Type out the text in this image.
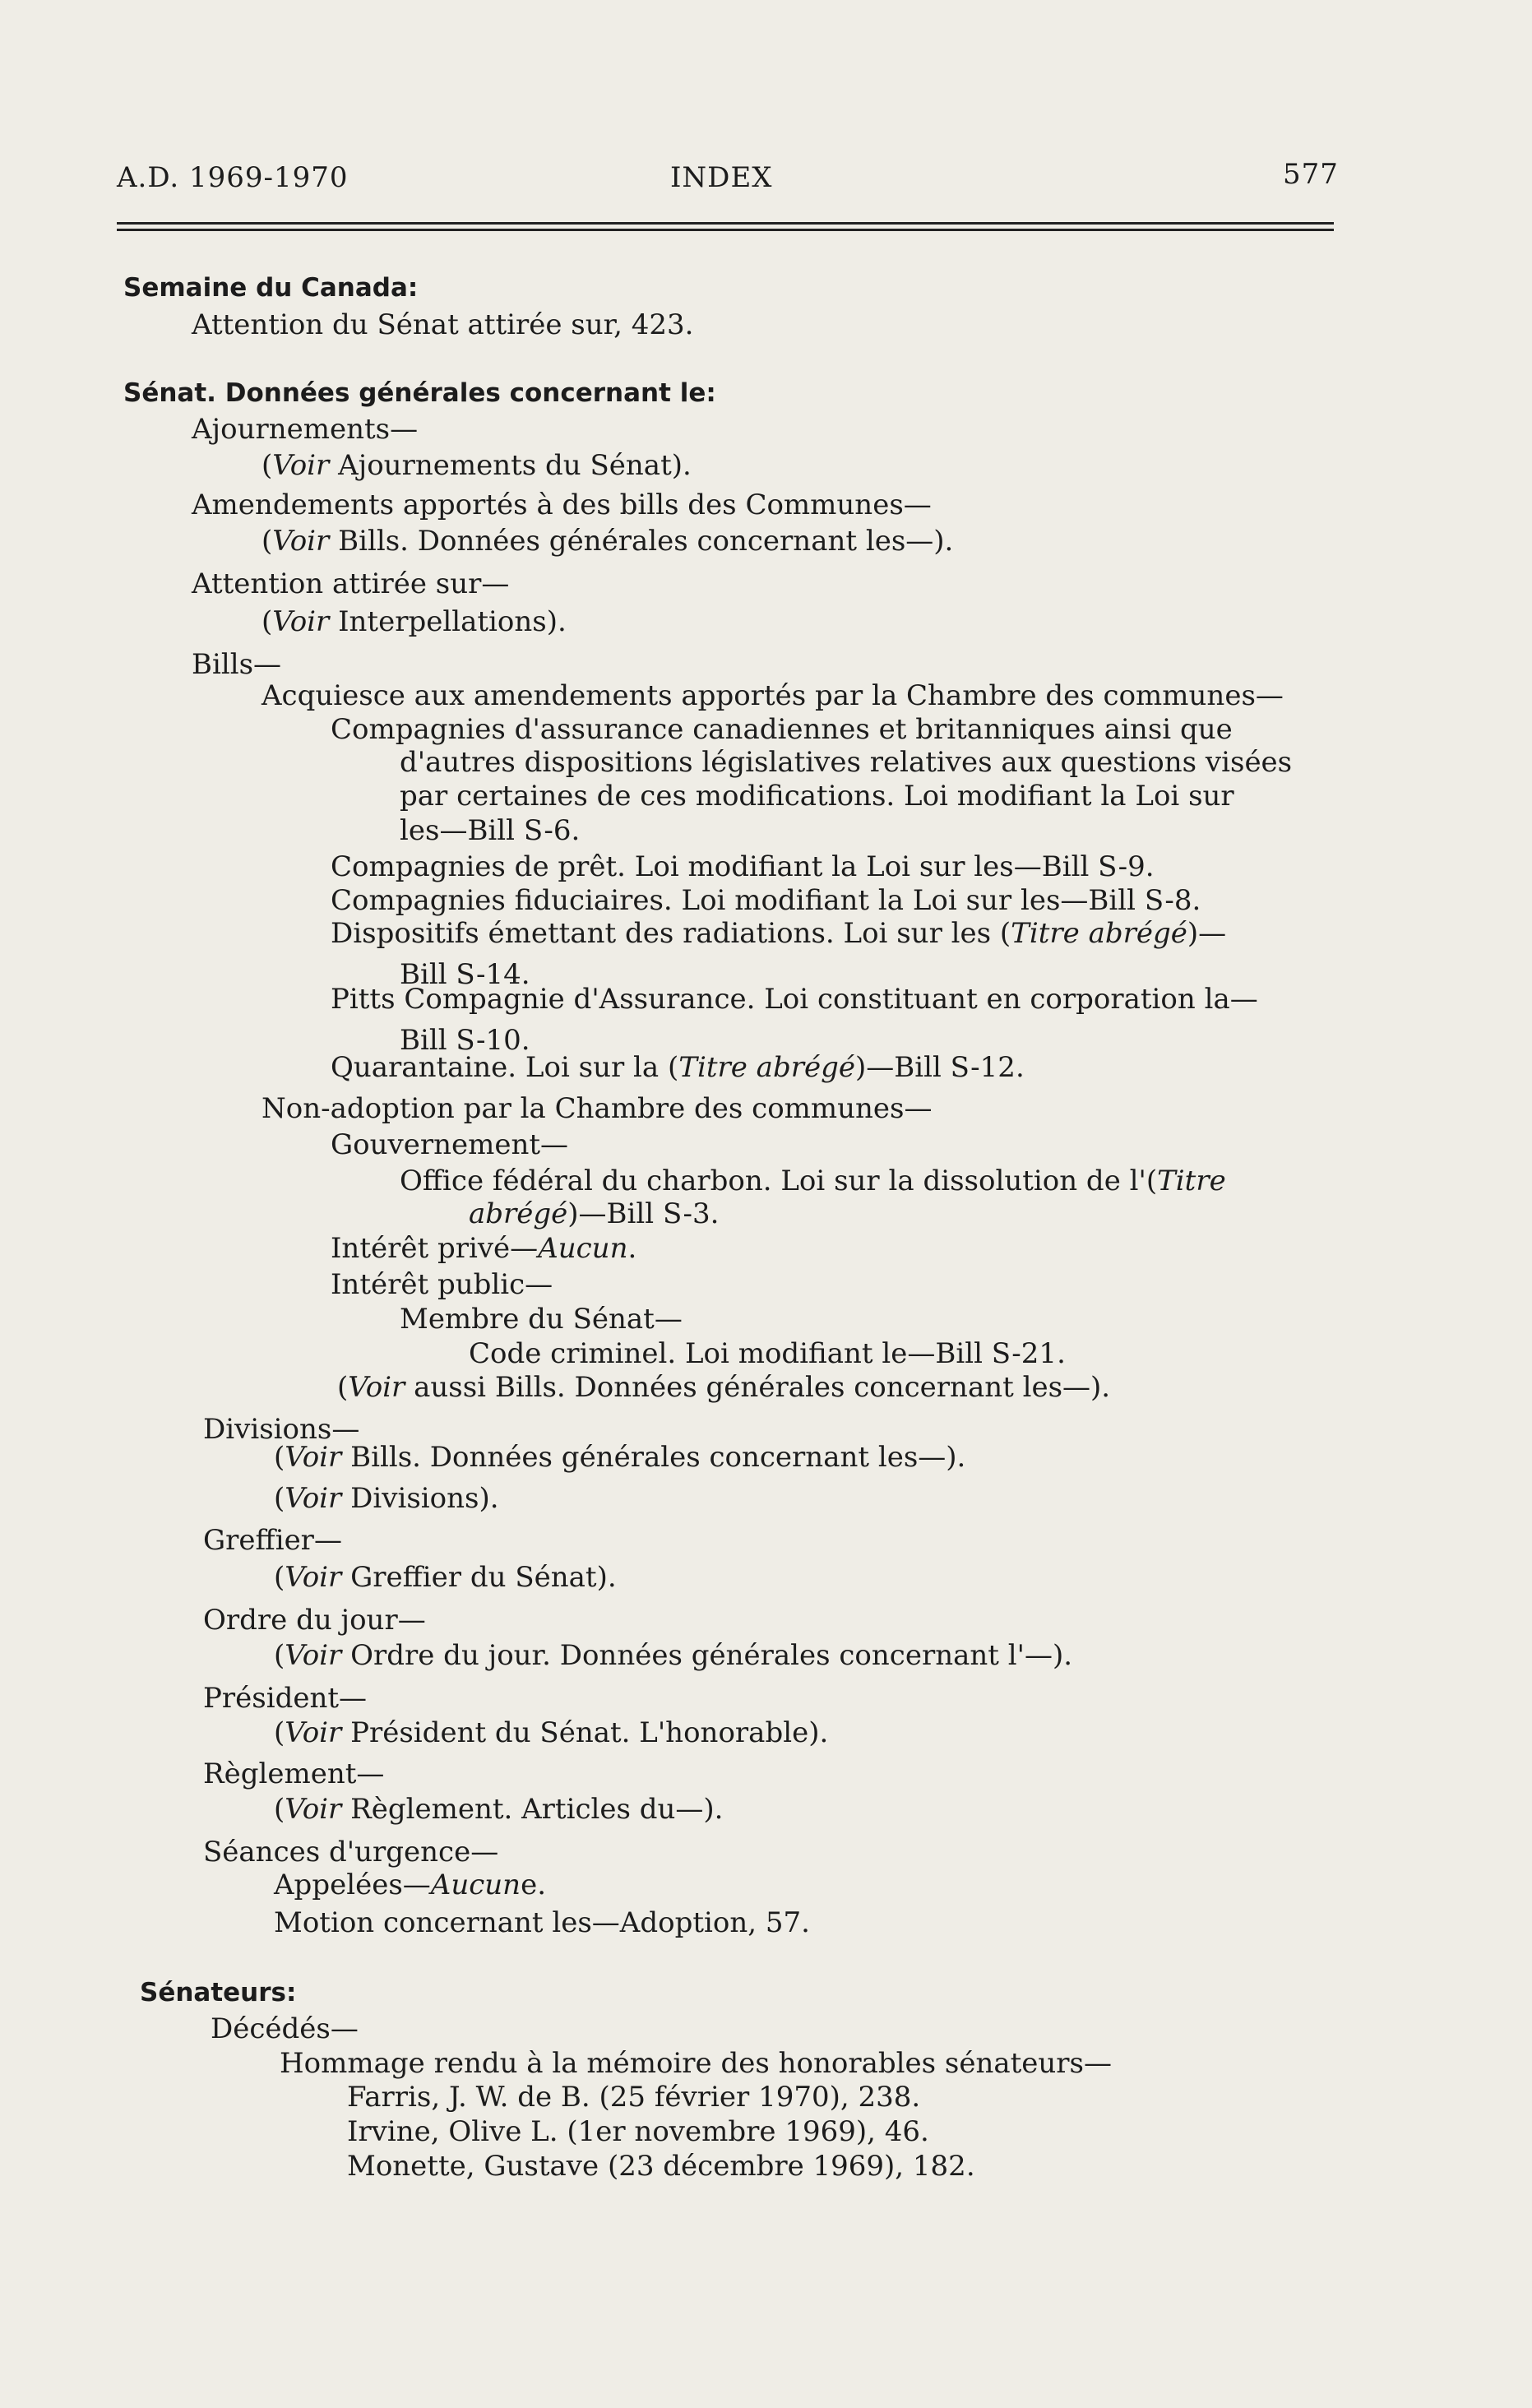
A.D. 1969-1970	INDEX	577
Semaine du Canada:
Attention du Sénat attirée sur, 423.
Sénat. Données générales concernant le:
Ajournements—
(Voir Ajournements du Sénat).
Amendements apportés à des bills des Communes—
(Voir Bills. Données générales concernant les—).
Attention attirée sur—
(Voir Interpellations).
Bills—
Acquiesce aux amendements apportés par la Chambre des communes—
Compagnies d'assurance canadiennes et britanniques ainsi que
d'autres dispositions législatives relatives aux questions visées
par certaines de ces modifications. Loi modifiant la Loi sur
les—Bill S-6.
Compagnies de prêt. Loi modifiant la Loi sur les—Bill S-9.
Compagnies fiduciaires. Loi modifiant la Loi sur les—Bill S-8.
Dispositifs émettant des radiations. Loi sur les (Titre abrégé)—
Bill S-14.
Pitts Compagnie d'Assurance. Loi constituant en corporation la—
Bill S-10.
Quarantaine. Loi sur la (Titre abrégé)—Bill S-12.
Non-adoption par la Chambre des communes—
Gouvernement—
Office fédéral du charbon. Loi sur la dissolution de l'(Titre
abrégé)—Bill S-3.
Intérêt privé—Aucun.
Intérêt public—
Membre du Sénat—
Code criminel. Loi modifiant le—Bill S-21.
(Voir aussi Bills. Données générales concernant les—).
Divisions—
(Voir Bills. Données générales concernant les—).
(Voir Divisions).
Greffier—
(Voir Greffier du Sénat).
Ordre du jour—
(Voir Ordre du jour. Données générales concernant l'—).
Président—
(Voir Président du Sénat. L'honorable).
Règlement—
(Voir Règlement. Articles du—).
Séances d'urgence—
Appelées—Aucune.
Motion concernant les—Adoption, 57.
Sénateurs:
Décédés—
Hommage rendu à la mémoire des honorables sénateurs—
Farris, J. W. de B. (25 février 1970), 238.
Irvine, Olive L. (1er novembre 1969), 46.
Monette, Gustave (23 décembre 1969), 182.
